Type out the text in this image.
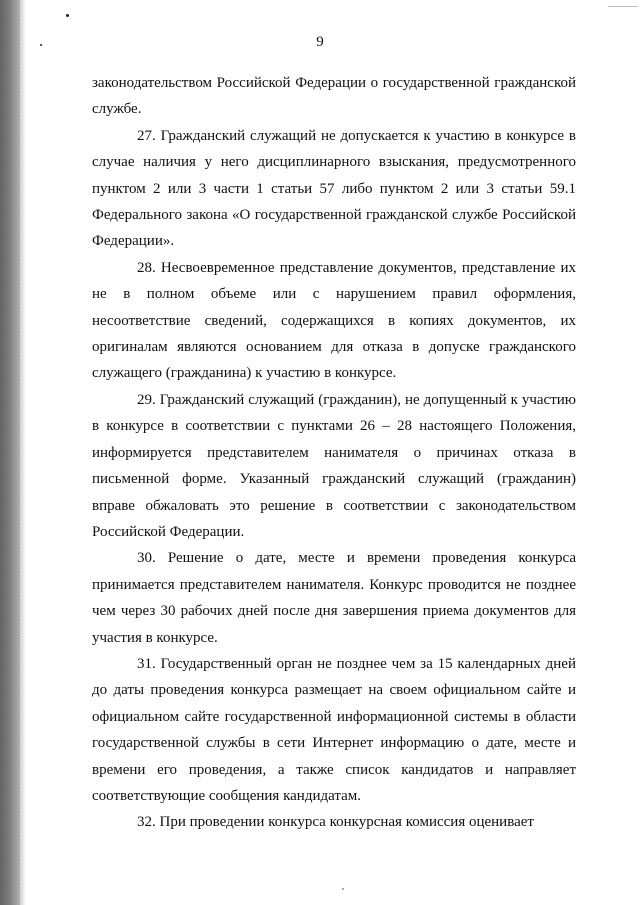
9

законодательством Российской Федерации о государственной гражданской службе.

27. Гражданский служащий не допускается к участию в конкурсе в случае наличия у него дисциплинарного взыскания, предусмотренного пунктом 2 или 3 части 1 статьи 57 либо пунктом 2 или 3 статьи 59.1 Федерального закона «О государственной гражданской службе Российской Федерации».

28. Несвоевременное представление документов, представление их не в полном объеме или с нарушением правил оформления, несоответствие сведений, содержащихся в копиях документов, их оригиналам являются основанием для отказа в допуске гражданского служащего (гражданина) к участию в конкурсе.

29. Гражданский служащий (гражданин), не допущенный к участию в конкурсе в соответствии с пунктами 26 – 28 настоящего Положения, информируется представителем нанимателя о причинах отказа в письменной форме. Указанный гражданский служащий (гражданин) вправе обжаловать это решение в соответствии с законодательством Российской Федерации.

30. Решение о дате, месте и времени проведения конкурса принимается представителем нанимателя. Конкурс проводится не позднее чем через 30 рабочих дней после дня завершения приема документов для участия в конкурсе.

31. Государственный орган не позднее чем за 15 календарных дней до даты проведения конкурса размещает на своем официальном сайте и официальном сайте государственной информационной системы в области государственной службы в сети Интернет информацию о дате, месте и времени его проведения, а также список кандидатов и направляет соответствующие сообщения кандидатам.

32. При проведении конкурса конкурсная комиссия оценивает
